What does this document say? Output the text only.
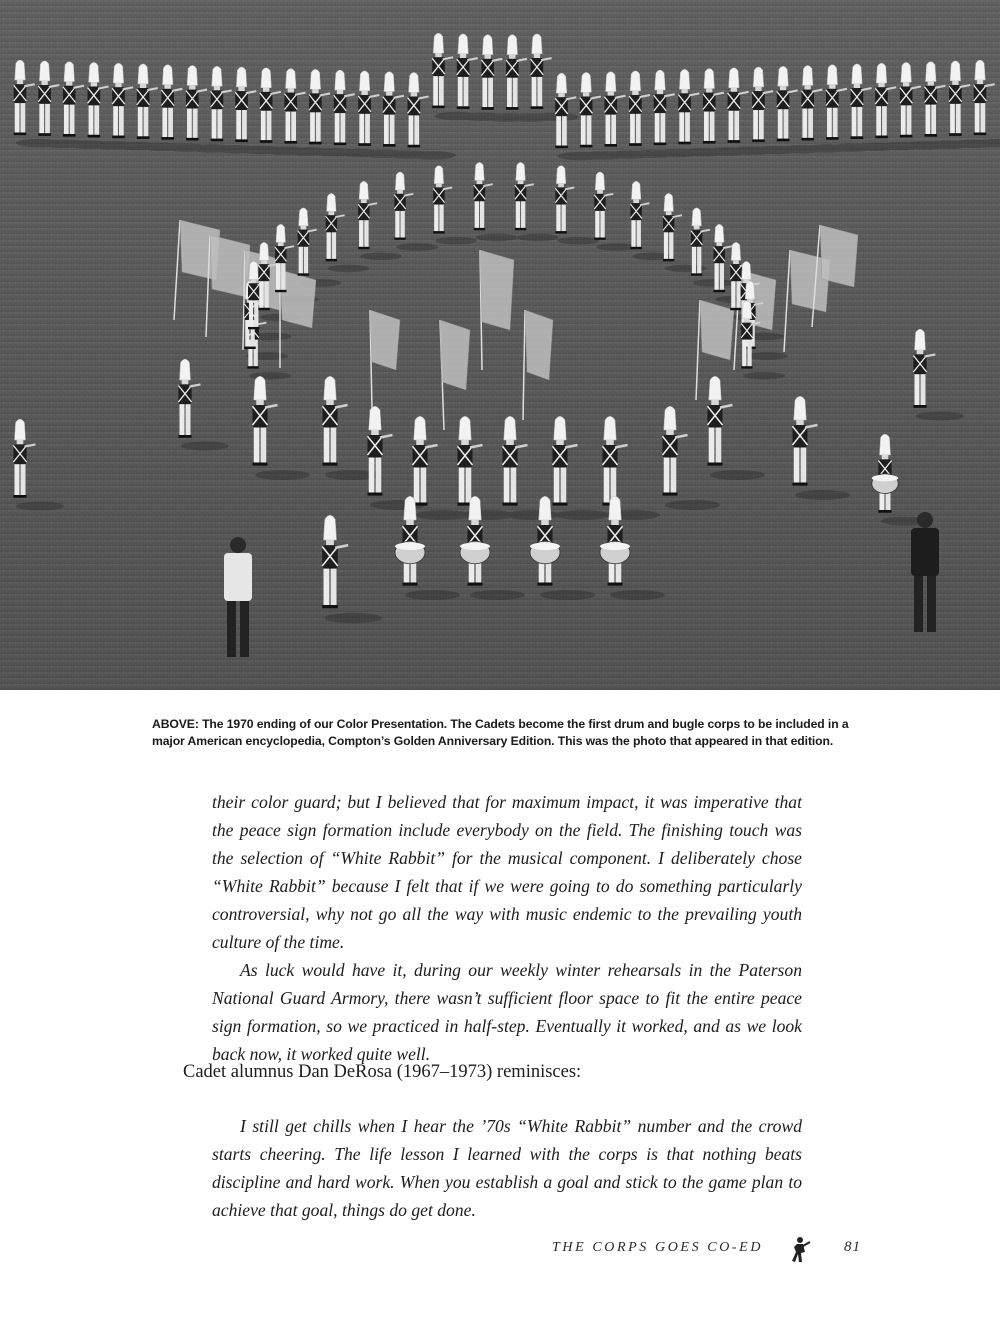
ABOVE: The 1970 ending of our Color Presentation. The Cadets become the first drum and bugle corps to be included in a major American encyclopedia, Compton’s Golden Anniversary Edition. This was the photo that appeared in that edition.

their color guard; but I believed that for maximum impact, it was imperative that the peace sign formation include everybody on the field. The finishing touch was the selection of “White Rabbit” for the musical component. I deliberately chose “White Rabbit” because I felt that if we were going to do something particularly controversial, why not go all the way with music endemic to the prevailing youth culture of the time.

As luck would have it, during our weekly winter rehearsals in the Paterson National Guard Armory, there wasn’t sufficient floor space to fit the entire peace sign formation, so we practiced in half-step. Eventually it worked, and as we look back now, it worked quite well.

Cadet alumnus Dan DeRosa (1967–1973) reminisces:

I still get chills when I hear the ’70s “White Rabbit” number and the crowd starts cheering. The life lesson I learned with the corps is that nothing beats discipline and hard work. When you establish a goal and stick to the game plan to achieve that goal, things do get done.

THE CORPS GOES CO-ED	81
